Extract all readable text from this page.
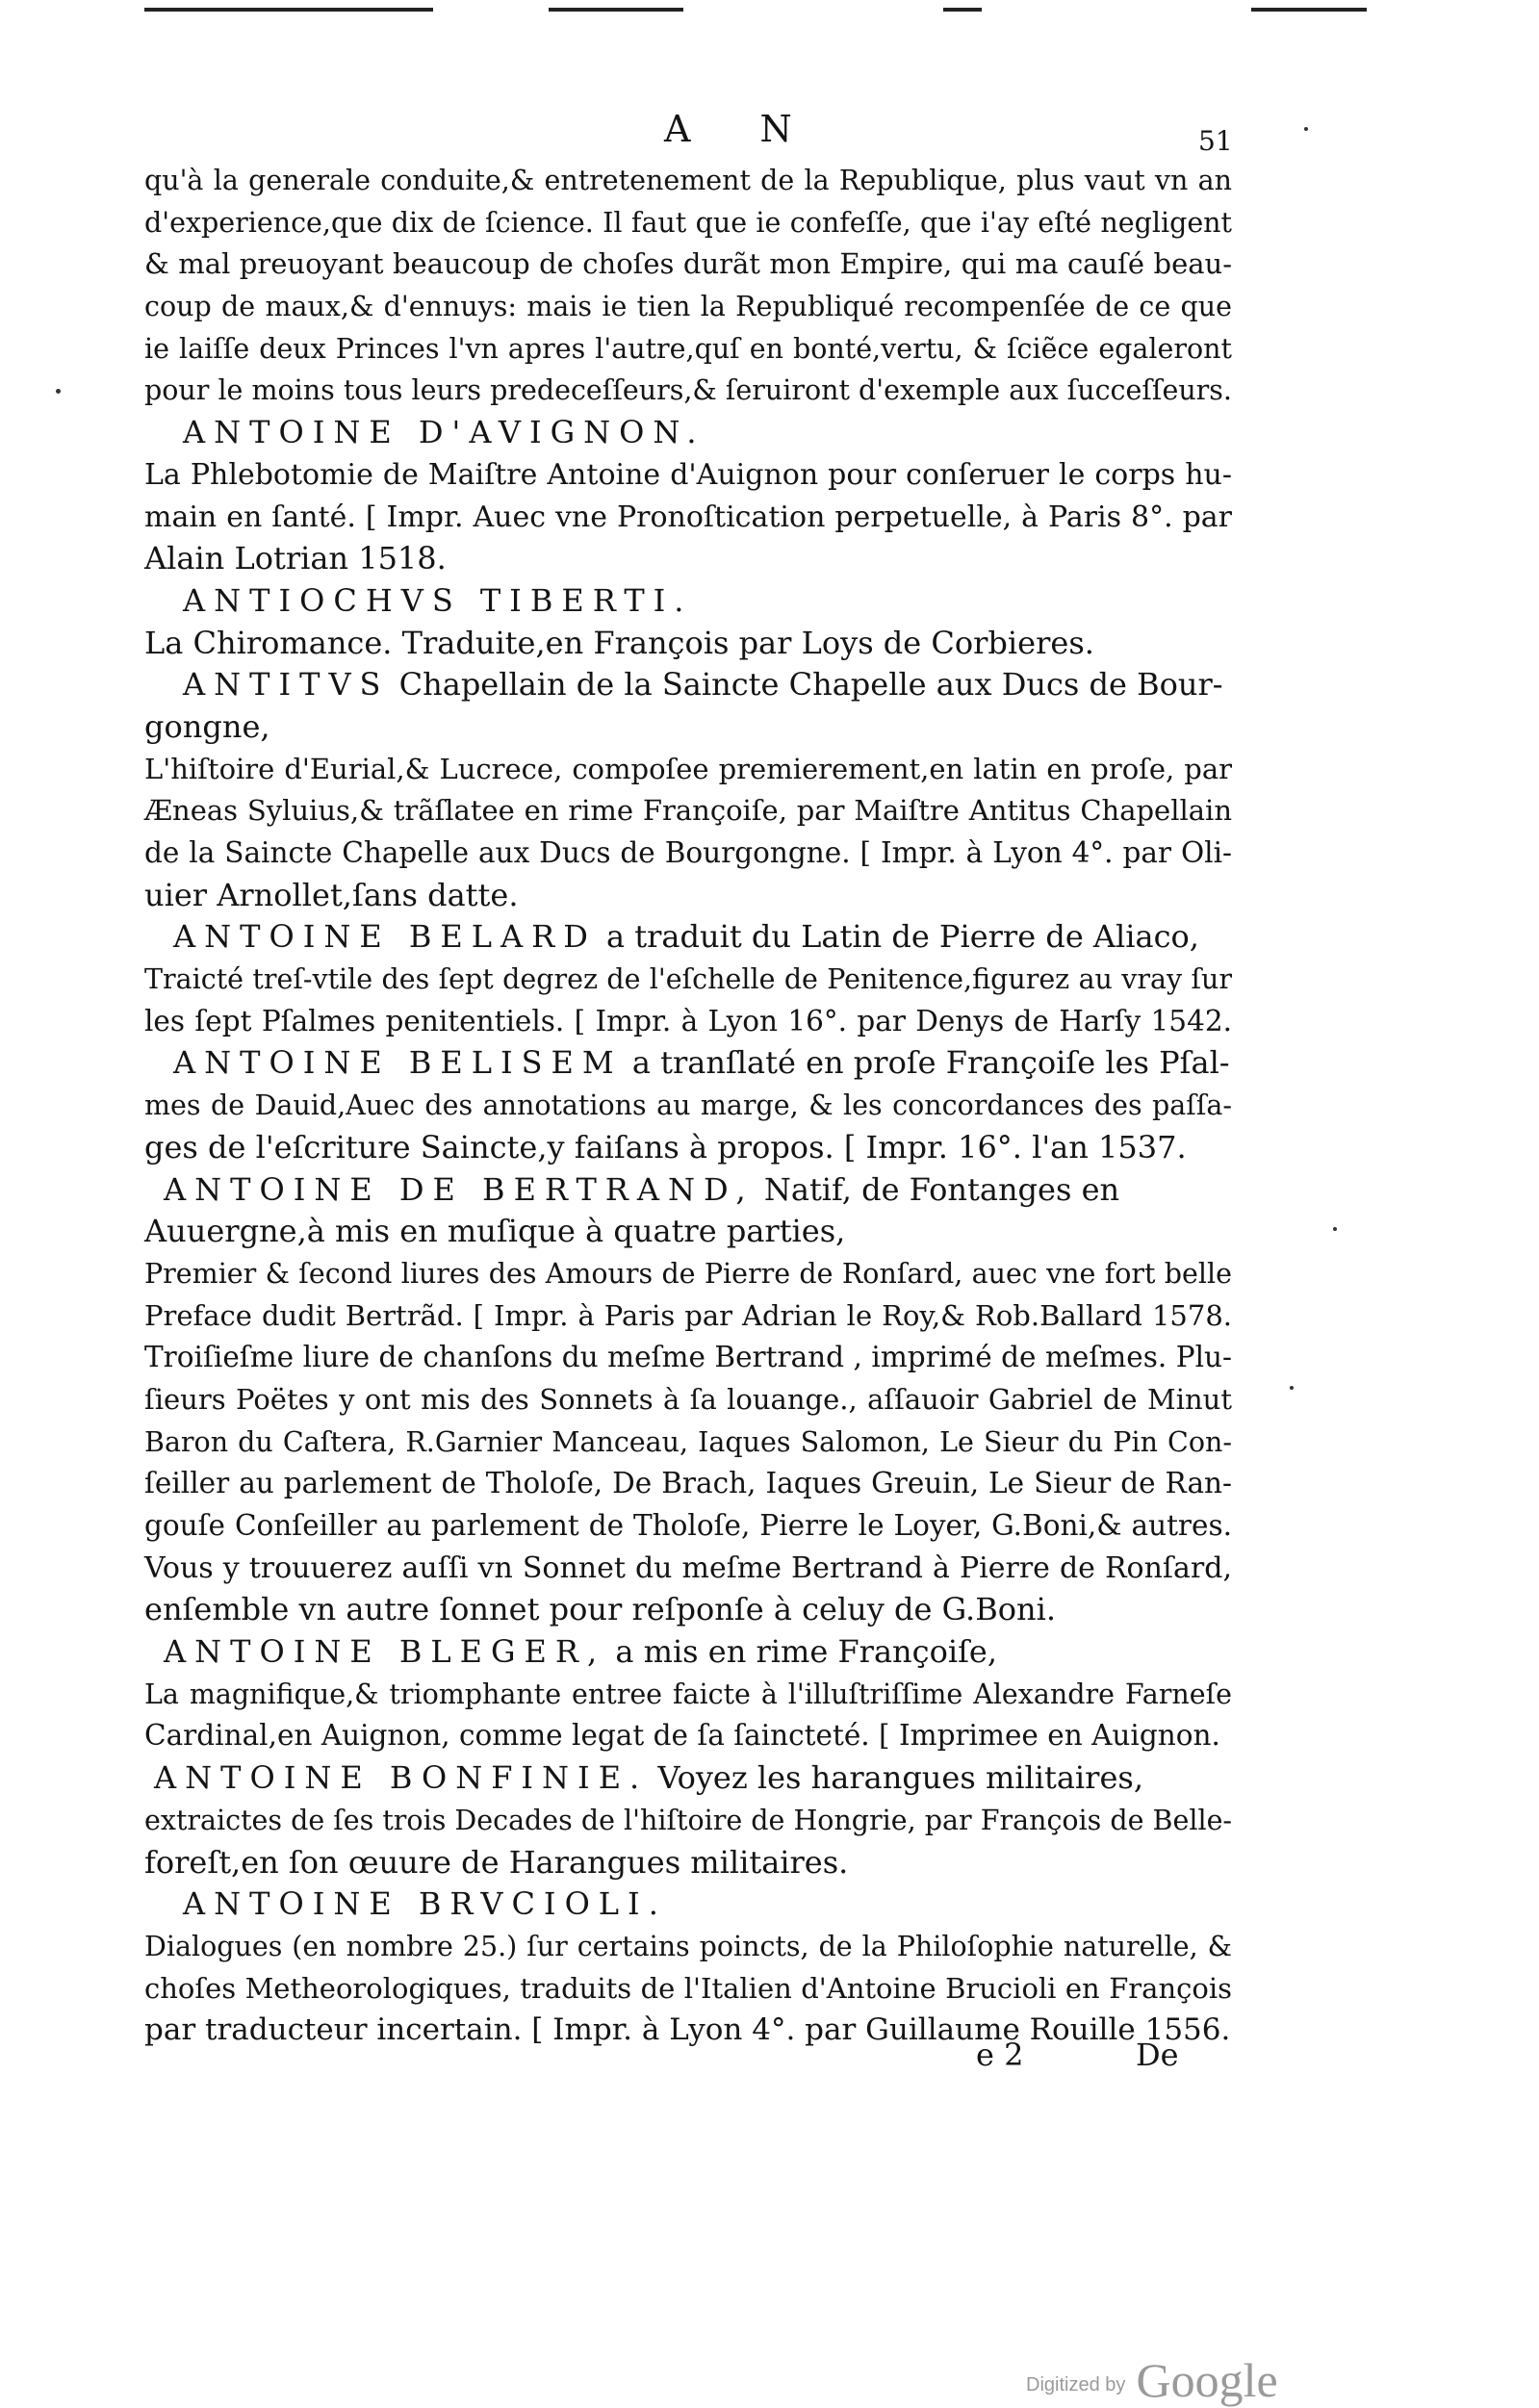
A N	51
qu'à la generale conduite,& entretenement de la Republique, plus vaut vn an
d'experience,que dix de ſcience. Il faut que ie confeſſe, que i'ay eſté negligent
& mal preuoyant beaucoup de choſes durãt mon Empire, qui ma cauſé beau-
coup de maux,& d'ennuys: mais ie tien la Republiqué recompenſée de ce que
ie laiſſe deux Princes l'vn apres l'autre,quſ en bonté,vertu, & ſciẽce egaleront
pour le moins tous leurs predeceſſeurs,& ſeruiront d'exemple aux ſucceſſeurs.
ANTOINE D'AVIGNON.
La Phlebotomie de Maiſtre Antoine d'Auignon pour conſeruer le corps hu-
main en ſanté. [ Impr. Auec vne Pronoſtication perpetuelle, à Paris 8°. par
Alain Lotrian 1518.
ANTIOCHVS TIBERTI.
La Chiromance. Traduite,en François par Loys de Corbieres.
ANTITVS Chapellain de la Saincte Chapelle aux Ducs de Bour-
gongne,
L'hiſtoire d'Eurial,& Lucrece, compoſee premierement,en latin en proſe, par
Æneas Syluius,& trãſlatee en rime Françoiſe, par Maiſtre Antitus Chapellain
de la Saincte Chapelle aux Ducs de Bourgongne. [ Impr. à Lyon 4°. par Oli-
uier Arnollet,ſans datte.
ANTOINE BELARD a traduit du Latin de Pierre de Aliaco,
Traicté treſ-vtile des ſept degrez de l'eſchelle de Penitence,figurez au vray ſur
les ſept Pſalmes penitentiels. [ Impr. à Lyon 16°. par Denys de Harſy 1542.
ANTOINE BELISEM a tranſlaté en proſe Françoiſe les Pſal-
mes de Dauid,Auec des annotations au marge, & les concordances des paſſa-
ges de l'eſcriture Saincte,y faiſans à propos. [ Impr. 16°. l'an 1537.
ANTOINE DE BERTRAND, Natif, de Fontanges en
Auuergne,à mis en muſique à quatre parties,
Premier & ſecond liures des Amours de Pierre de Ronſard, auec vne fort belle
Preface dudit Bertrãd. [ Impr. à Paris par Adrian le Roy,& Rob.Ballard 1578.
Troiſieſme liure de chanſons du meſme Bertrand , imprimé de meſmes. Plu-
ſieurs Poëtes y ont mis des Sonnets à ſa louange., aſſauoir Gabriel de Minut
Baron du Caſtera, R.Garnier Manceau, Iaques Salomon, Le Sieur du Pin Con-
ſeiller au parlement de Tholoſe, De Brach, Iaques Greuin, Le Sieur de Ran-
gouſe Conſeiller au parlement de Tholoſe, Pierre le Loyer, G.Boni,& autres.
Vous y trouuerez auſſi vn Sonnet du meſme Bertrand à Pierre de Ronſard,
enſemble vn autre ſonnet pour reſponſe à celuy de G.Boni.
ANTOINE BLEGER, a mis en rime Françoiſe,
La magnifique,& triomphante entree faicte à l'illuſtriſſime Alexandre Farneſe
Cardinal,en Auignon, comme legat de ſa ſaincteté. [ Imprimee en Auignon.
ANTOINE BONFINIE. Voyez les harangues militaires,
extraictes de ſes trois Decades de l'hiſtoire de Hongrie, par François de Belle-
foreſt,en ſon œuure de Harangues militaires.
ANTOINE BRVCIOLI.
Dialogues (en nombre 25.) ſur certains poincts, de la Philoſophie naturelle, &
choſes Metheorologiques, traduits de l'Italien d'Antoine Brucioli en François
par traducteur incertain. [ Impr. à Lyon 4°. par Guillaume Rouille 1556.
e 2	De
Digitized by Google
